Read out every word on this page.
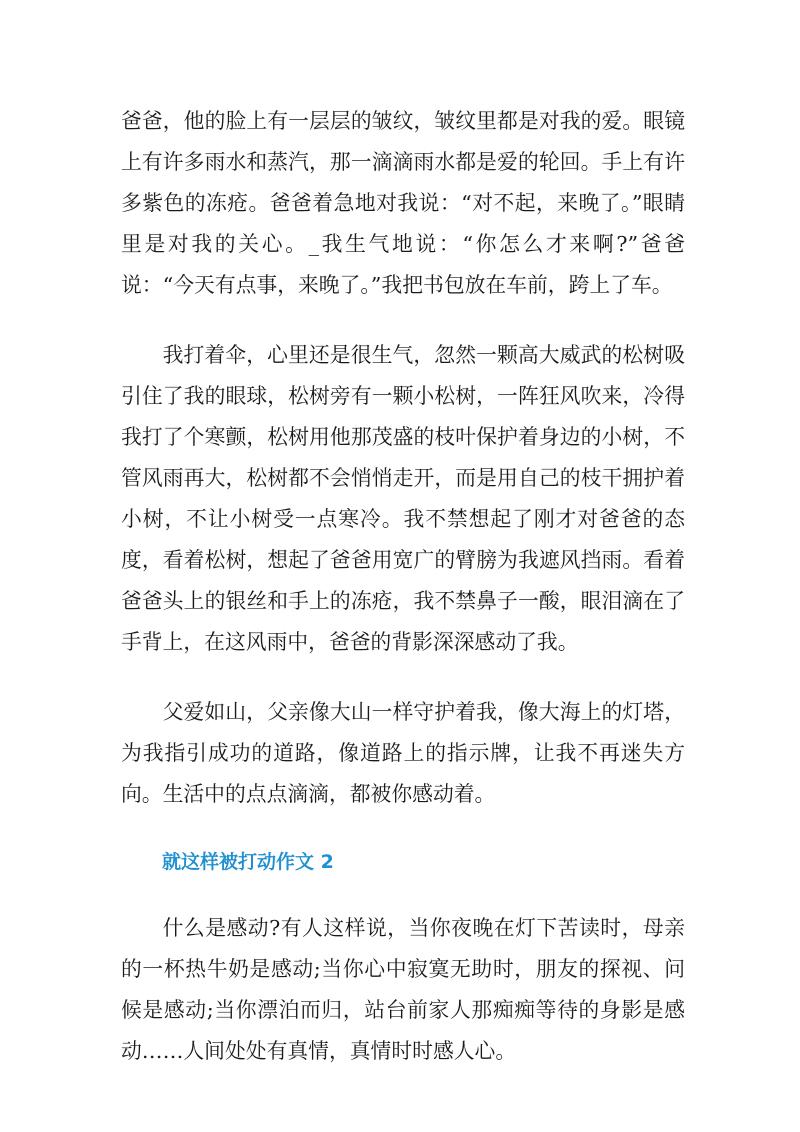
爸爸，他的脸上有一层层的皱纹，皱纹里都是对我的爱。眼镜上有许多雨水和蒸汽，那一滴滴雨水都是爱的轮回。手上有许多紫色的冻疮。爸爸着急地对我说：“对不起，来晚了。”眼睛里是对我的关心。_我生气地说：“你怎么才来啊?”爸爸说：“今天有点事，来晚了。”我把书包放在车前，跨上了车。

我打着伞，心里还是很生气，忽然一颗高大威武的松树吸引住了我的眼球，松树旁有一颗小松树，一阵狂风吹来，冷得我打了个寒颤，松树用他那茂盛的枝叶保护着身边的小树，不管风雨再大，松树都不会悄悄走开，而是用自己的枝干拥护着小树，不让小树受一点寒冷。我不禁想起了刚才对爸爸的态度，看着松树，想起了爸爸用宽广的臂膀为我遮风挡雨。看着爸爸头上的银丝和手上的冻疮，我不禁鼻子一酸，眼泪滴在了手背上，在这风雨中，爸爸的背影深深感动了我。

父爱如山，父亲像大山一样守护着我，像大海上的灯塔，为我指引成功的道路，像道路上的指示牌，让我不再迷失方向。生活中的点点滴滴，都被你感动着。

就这样被打动作文 2

什么是感动?有人这样说，当你夜晚在灯下苦读时，母亲的一杯热牛奶是感动;当你心中寂寞无助时，朋友的探视、问候是感动;当你漂泊而归，站台前家人那痴痴等待的身影是感动……人间处处有真情，真情时时感人心。
